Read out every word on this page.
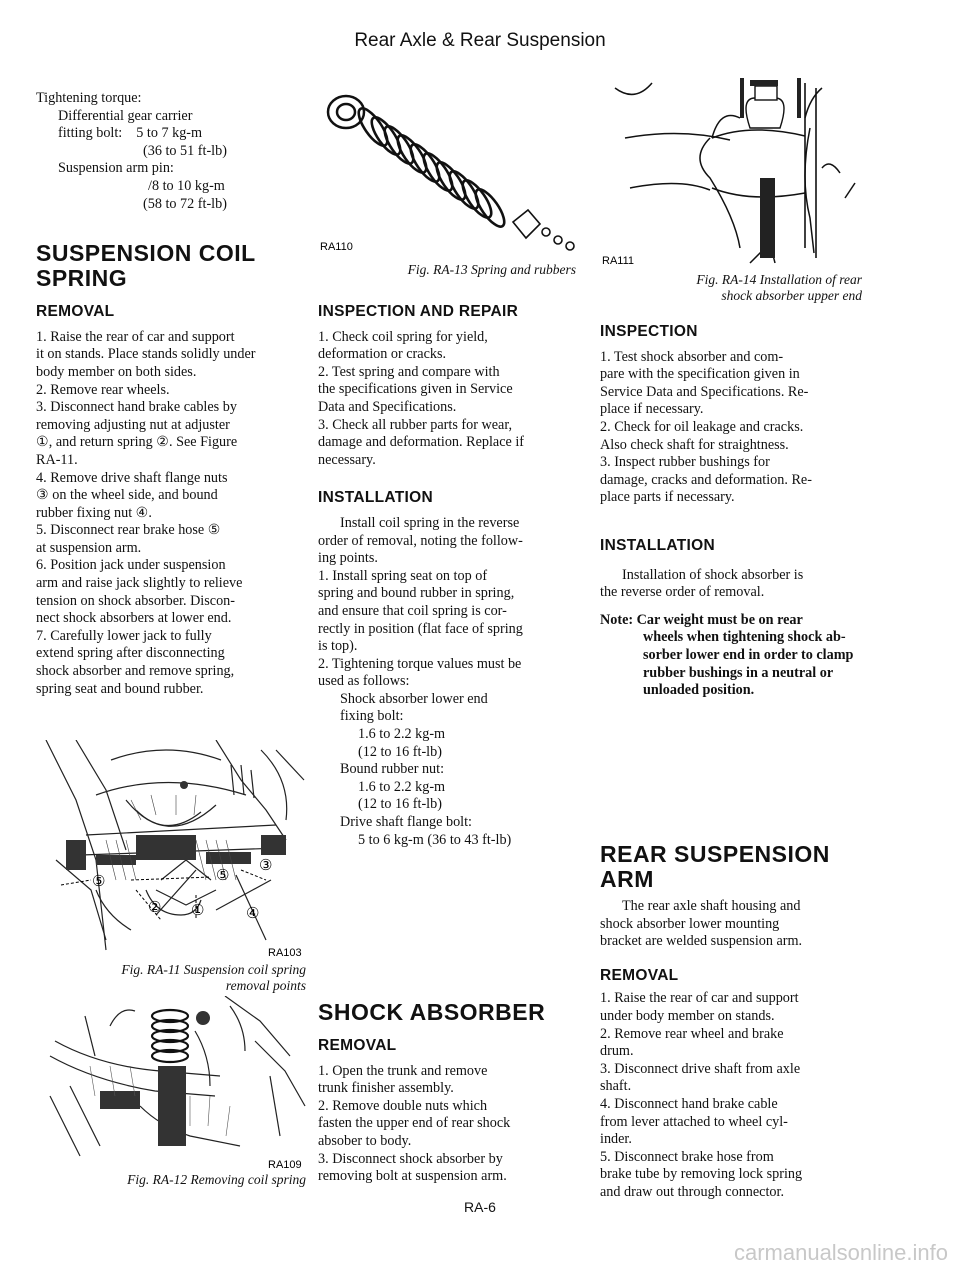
Rear Axle & Rear Suspension

Tightening torque:

Differential gear carrier

fitting bolt: 5 to 7 kg-m

(36 to 51 ft-lb)

Suspension arm pin:

/8 to 10 kg-m

(58 to 72 ft-lb)

SUSPENSION COIL

SPRING

REMOVAL

1. Raise the rear of car and support

it on stands. Place stands solidly under

body member on both sides.

2. Remove rear wheels.

3. Disconnect hand brake cables by

removing adjusting nut at adjuster

①, and return spring ②. See Figure

RA-11.

4. Remove drive shaft flange nuts

③ on the wheel side, and bound

rubber fixing nut ④.

5. Disconnect rear brake hose ⑤

at suspension arm.

6. Position jack under suspension

arm and raise jack slightly to relieve

tension on shock absorber. Discon-

nect shock absorbers at lower end.

7. Carefully lower jack to fully

extend spring after disconnecting

shock absorber and remove spring,

spring seat and bound rubber.

⑤	⑤
③
② ①	④
RA103

Fig. RA-11 Suspension coil spring

removal points

RA109

Fig. RA-12 Removing coil spring

RA110

Fig. RA-13 Spring and rubbers

INSPECTION AND REPAIR

1. Check coil spring for yield,

deformation or cracks.

2. Test spring and compare with

the specifications given in Service

Data and Specifications.

3. Check all rubber parts for wear,

damage and deformation. Replace if

necessary.

INSTALLATION

Install coil spring in the reverse

order of removal, noting the follow-

ing points.

1. Install spring seat on top of

spring and bound rubber in spring,

and ensure that coil spring is cor-

rectly in position (flat face of spring

is top).

2. Tightening torque values must be

used as follows:

Shock absorber lower end

fixing bolt:

1.6 to 2.2 kg-m

(12 to 16 ft-lb)

Bound rubber nut:

1.6 to 2.2 kg-m

(12 to 16 ft-lb)

Drive shaft flange bolt:

5 to 6 kg-m (36 to 43 ft-lb)

SHOCK ABSORBER

REMOVAL

1. Open the trunk and remove

trunk finisher assembly.

2. Remove double nuts which

fasten the upper end of rear shock

absober to body.

3. Disconnect shock absorber by

removing bolt at suspension arm.

RA111

Fig. RA-14 Installation of rear

shock absorber upper end

INSPECTION

1. Test shock absorber and com-

pare with the specification given in

Service Data and Specifications. Re-

place if necessary.

2. Check for oil leakage and cracks.

Also check shaft for straightness.

3. Inspect rubber bushings for

damage, cracks and deformation. Re-

place parts if necessary.

INSTALLATION

Installation of shock absorber is

the reverse order of removal.

Note: Car weight must be on rear

wheels when tightening shock ab-

sorber lower end in order to clamp

rubber bushings in a neutral or

unloaded position.

REAR SUSPENSION

ARM

The rear axle shaft housing and

shock absorber lower mounting

bracket are welded suspension arm.

REMOVAL

1. Raise the rear of car and support

under body member on stands.

2. Remove rear wheel and brake

drum.

3. Disconnect drive shaft from axle

shaft.

4. Disconnect hand brake cable

from lever attached to wheel cyl-

inder.

5. Disconnect brake hose from

brake tube by removing lock spring

and draw out through connector.

RA-6
carmanualsonline.info
